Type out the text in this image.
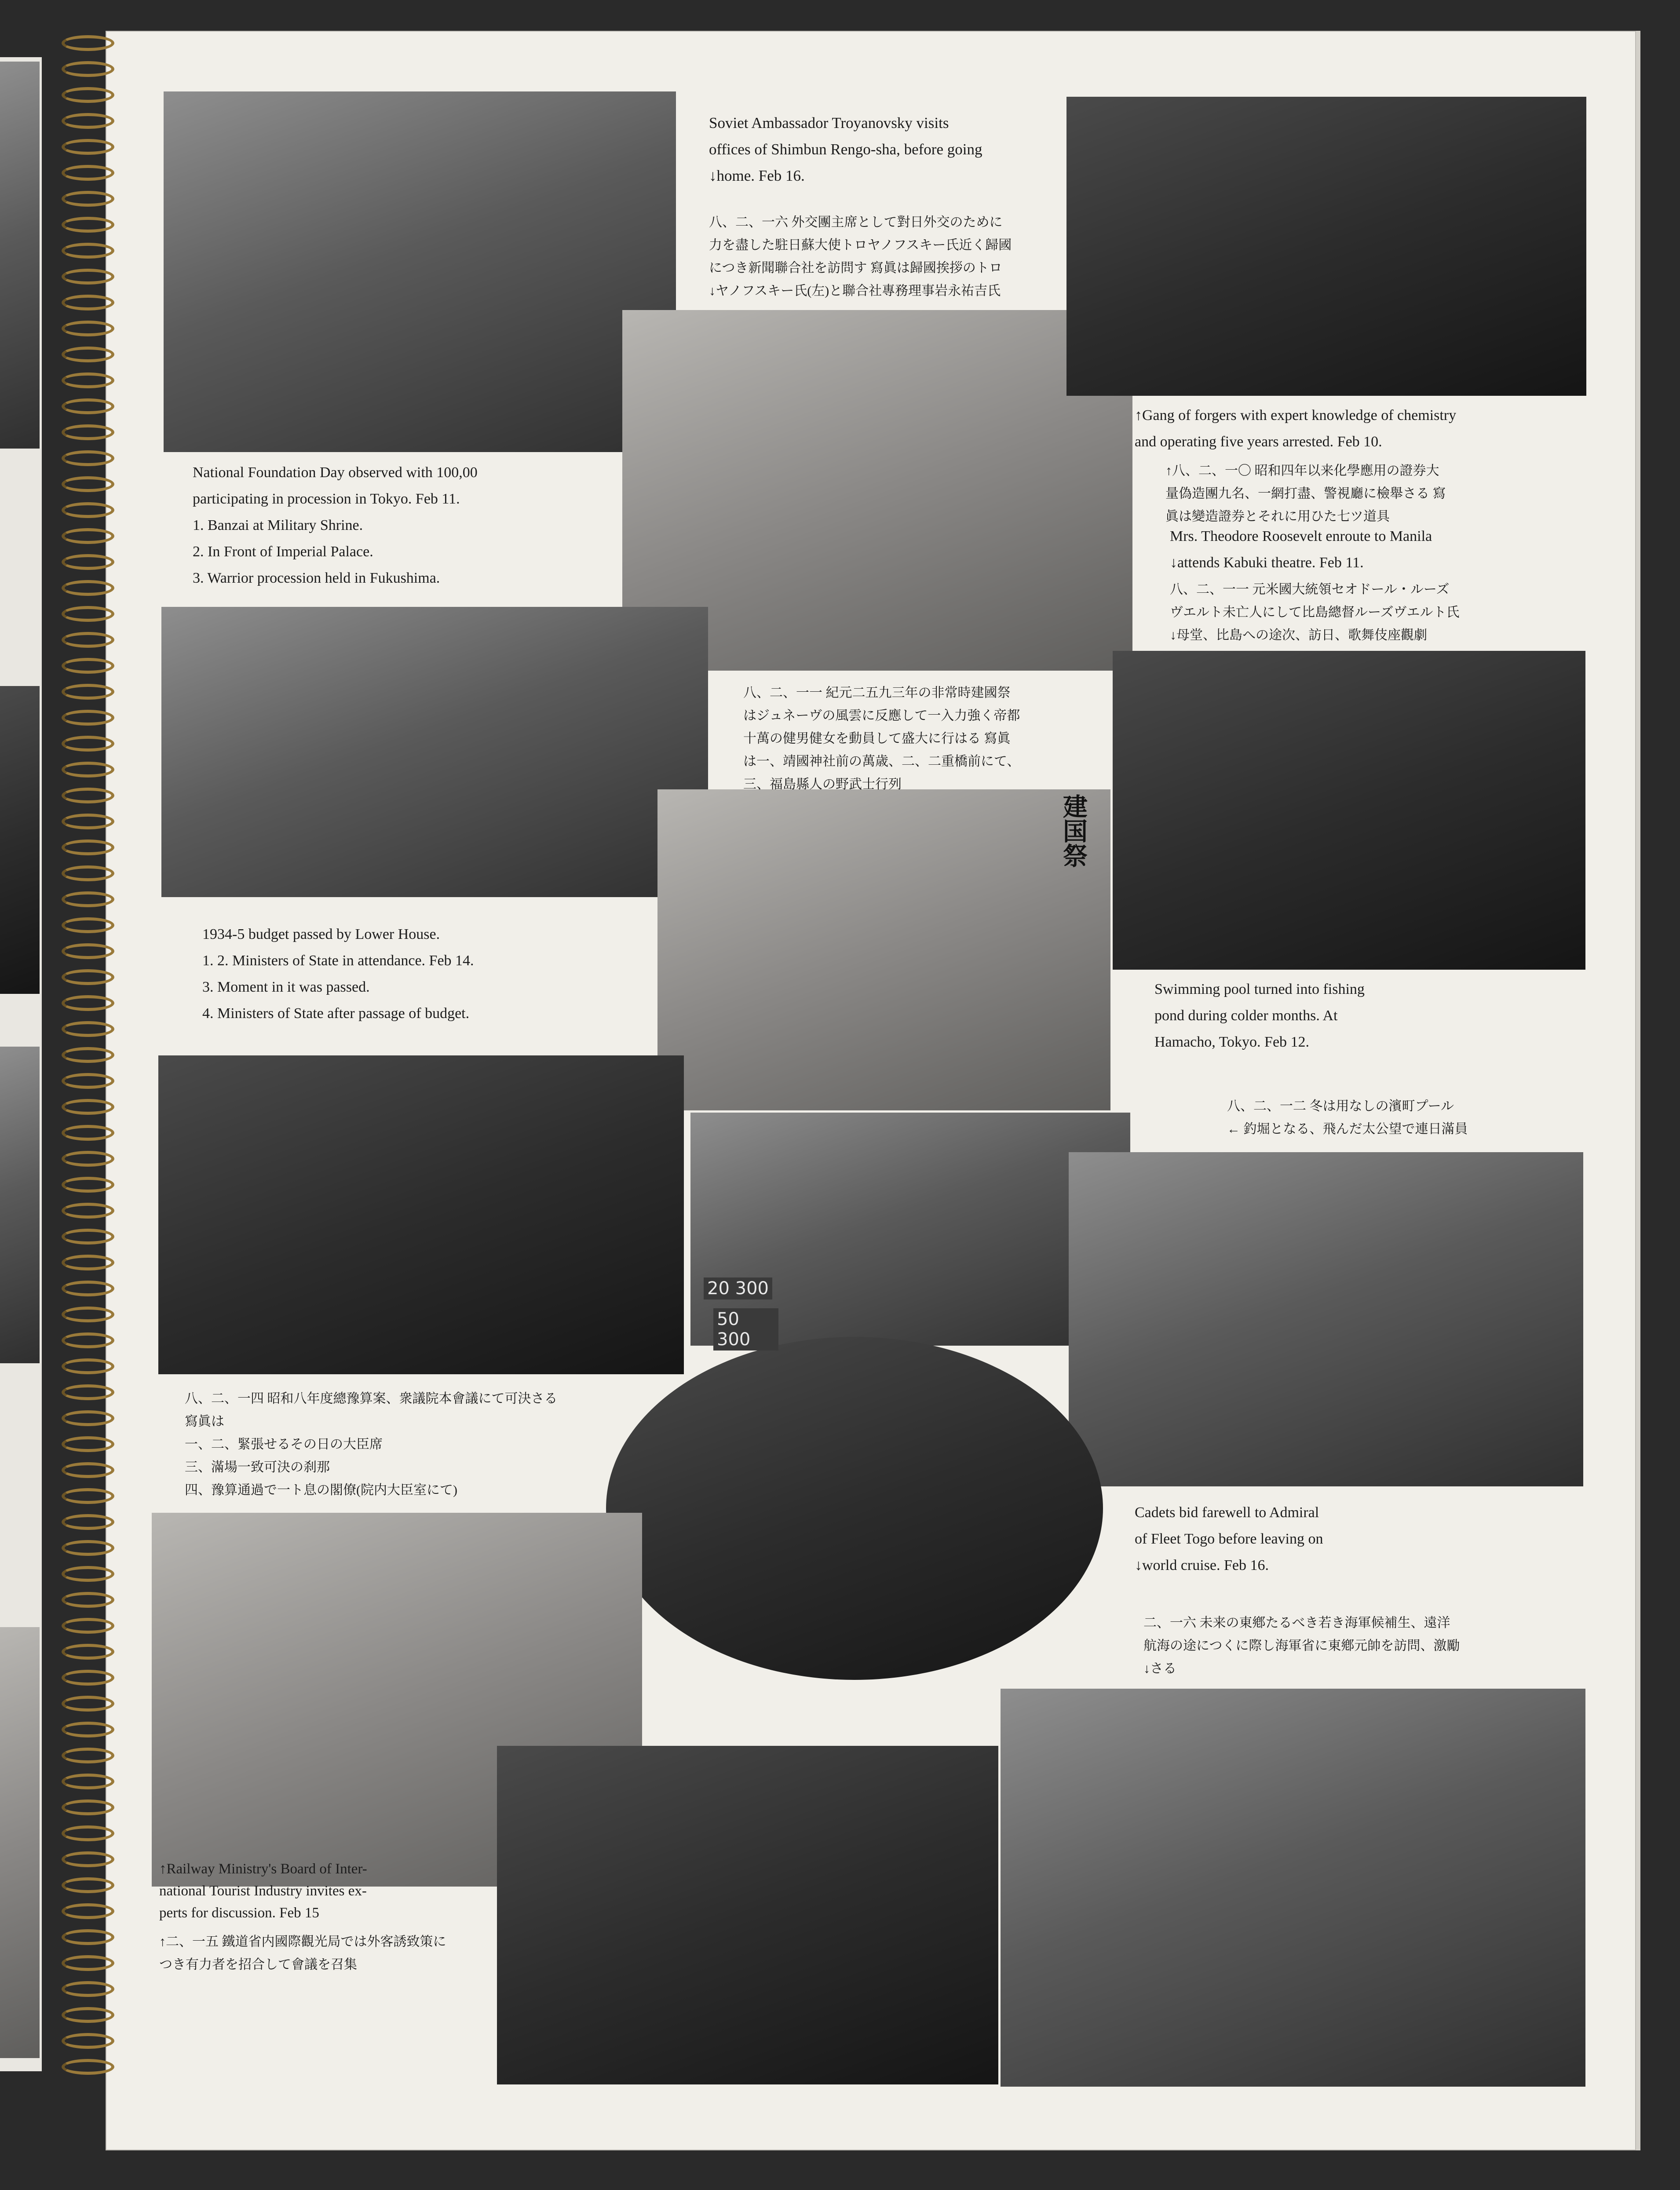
建国祭
20 300
50 300
Soviet Ambassador Troyanovsky visits
offices of Shimbun Rengo-sha, before going
↓home. Feb 16.
八、二、一六 外交團主席として對日外交のために
力を盡した駐日蘇大使トロヤノフスキー氏近く歸國
につき新聞聯合社を訪問す 寫眞は歸國挨拶のトロ
↓ヤノフスキー氏(左)と聯合社專務理事岩永祐吉氏
↑Gang of forgers with expert knowledge of chemistry
and operating five years arrested. Feb 10.
↑八、二、一〇 昭和四年以来化學應用の證券大
量偽造團九名、一網打盡、警視廳に檢舉さる 寫
眞は變造證券とそれに用ひた七ツ道具
Mrs. Theodore Roosevelt enroute to Manila
↓attends Kabuki theatre. Feb 11.
八、二、一一 元米國大統領セオドール・ルーズ
ヴエルト未亡人にして比島總督ルーズヴエルト氏
↓母堂、比島への途次、訪日、歌舞伎座觀劇
National Foundation Day observed with 100,00
participating in procession in Tokyo. Feb 11.
1. Banzai at Military Shrine.
2. In Front of Imperial Palace.
3. Warrior procession held in Fukushima.
八、二、一一 紀元二五九三年の非常時建國祭
はジュネーヴの風雲に反應して一入力強く帝都
十萬の健男健女を動員して盛大に行はる 寫眞
は一、靖國神社前の萬歳、二、二重橋前にて、
三、福島縣人の野武士行列
1934-5 budget passed by Lower House.
1. 2. Ministers of State in attendance. Feb 14.
3. Moment in it was passed.
4. Ministers of State after passage of budget.
Swimming pool turned into fishing
pond during colder months. At
Hamacho, Tokyo. Feb 12.
八、二、一二 冬は用なしの濱町プール
← 釣堀となる、飛んだ太公望で連日滿員
八、二、一四 昭和八年度總豫算案、衆議院本會議にて可決さる
寫眞は
一、二、緊張せるその日の大臣席
三、滿場一致可決の刹那
四、豫算通過で一ト息の閣僚(院内大臣室にて)
Cadets bid farewell to Admiral
of Fleet Togo before leaving on
↓world cruise. Feb 16.
二、一六 未来の東鄕たるべき若き海軍候補生、遠洋
航海の途につくに際し海軍省に東鄕元帥を訪問、激勵
↓さる
↑Railway Ministry's Board of Inter-
national Tourist Industry invites ex-
perts for discussion. Feb 15
↑二、一五 鐵道省内國際觀光局では外客誘致策に
つき有力者を招合して會議を召集
